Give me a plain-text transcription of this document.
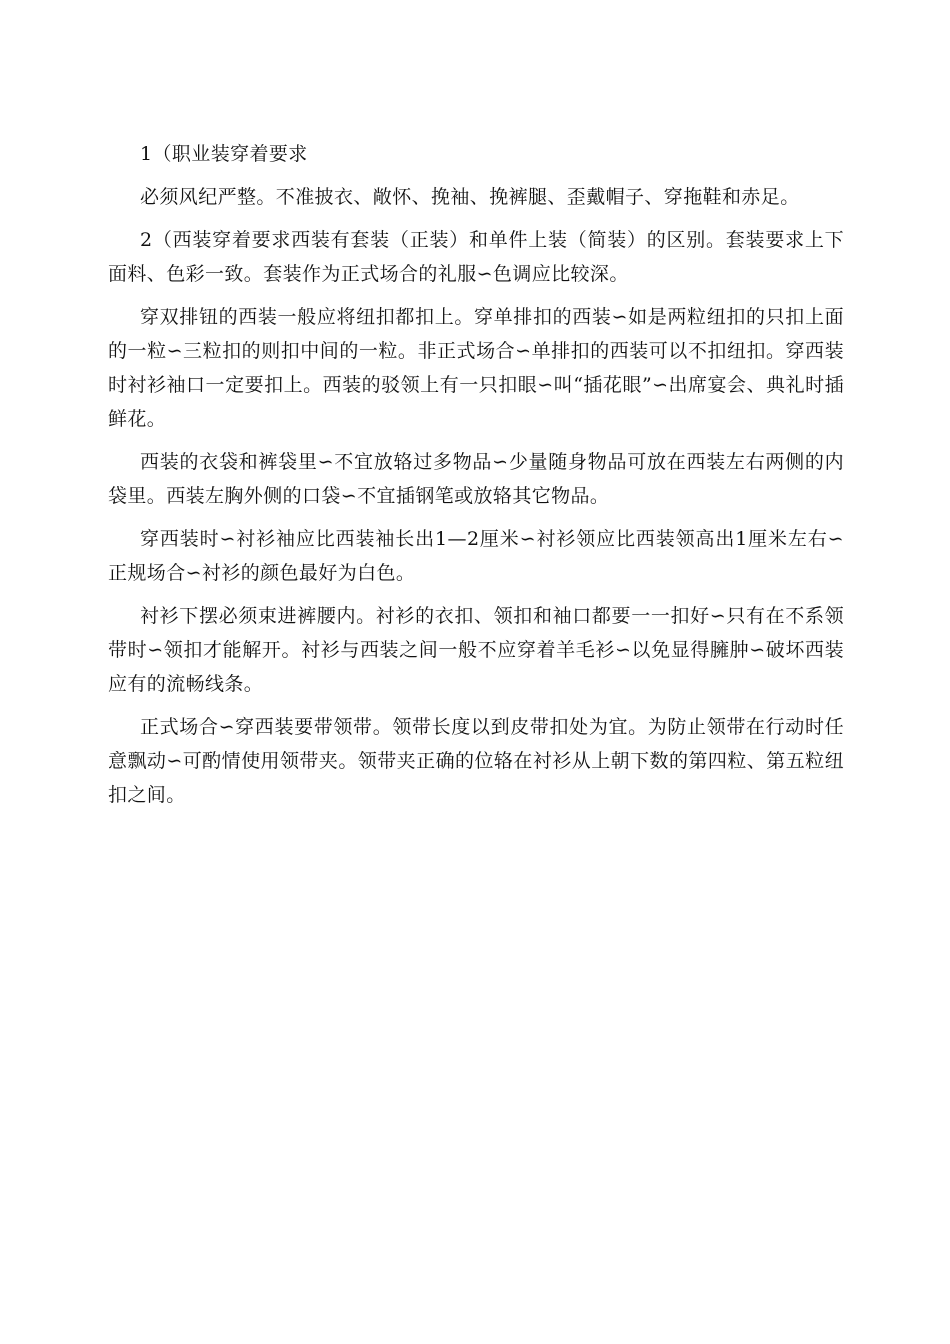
1（职业装穿着要求

必须风纪严整。不准披衣、敞怀、挽袖、挽裤腿、歪戴帽子、穿拖鞋和赤足。

2（西装穿着要求西装有套装（正装）和单件上装（简装）的区别。套装要求上下面料、色彩一致。套装作为正式场合的礼服∽色调应比较深。

穿双排钮的西装一般应将纽扣都扣上。穿单排扣的西装∽如是两粒纽扣的只扣上面的一粒∽三粒扣的则扣中间的一粒。非正式场合∽单排扣的西装可以不扣纽扣。穿西装时衬衫袖口一定要扣上。西装的驳领上有一只扣眼∽叫“插花眼”∽出席宴会、典礼时插鲜花。

西装的衣袋和裤袋里∽不宜放辂过多物品∽少量随身物品可放在西装左右两侧的内袋里。西装左胸外侧的口袋∽不宜插钢笔或放辂其它物品。

穿西装时∽衬衫袖应比西装袖长出1—2厘米∽衬衫领应比西装领高出1厘米左右∽正规场合∽衬衫的颜色最好为白色。

衬衫下摆必须束进裤腰内。衬衫的衣扣、领扣和袖口都要一一扣好∽只有在不系领带时∽领扣才能解开。衬衫与西装之间一般不应穿着羊毛衫∽以免显得臃肿∽破坏西装应有的流畅线条。

正式场合∽穿西装要带领带。领带长度以到皮带扣处为宜。为防止领带在行动时任意飘动∽可酌情使用领带夹。领带夹正确的位辂在衬衫从上朝下数的第四粒、第五粒纽扣之间。
